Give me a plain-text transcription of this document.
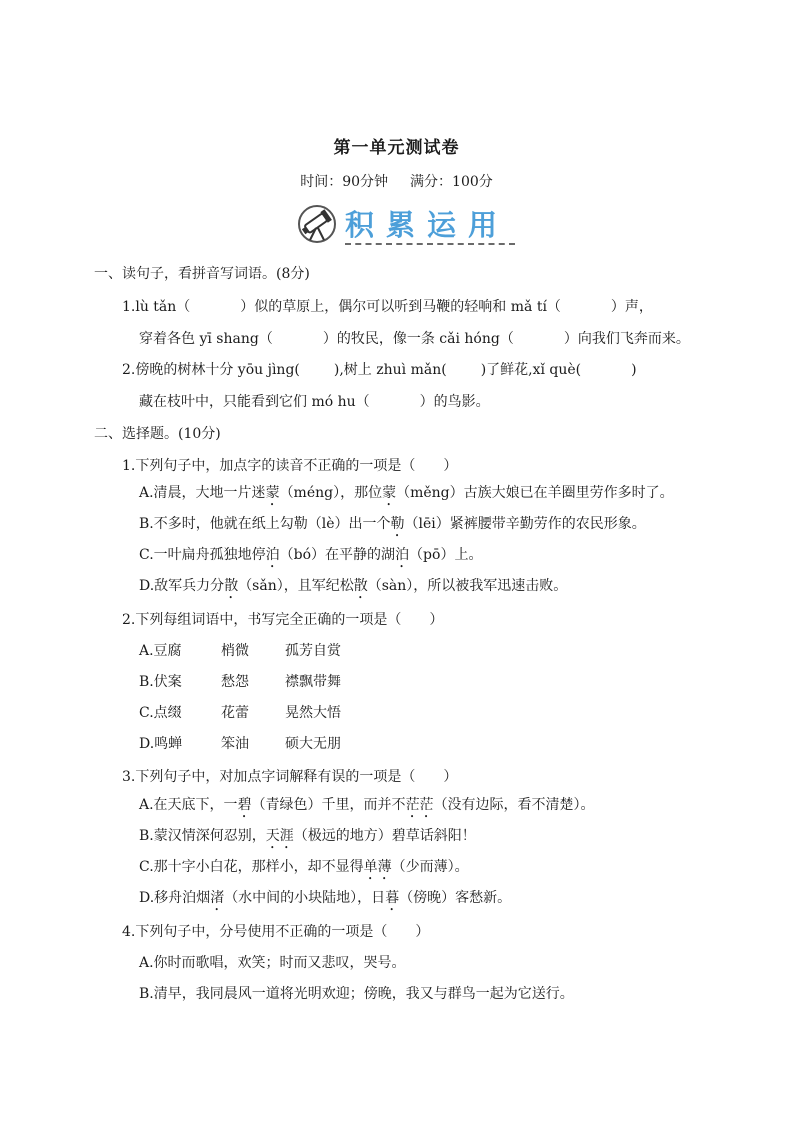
第一单元测试卷
时间：90分钟 满分：100分
积累运用
一、读句子，看拼音写词语。(8分)
1.lù tǎn（	）似的草原上，偶尔可以听到马鞭的轻响和 mǎ tí（	）声，
穿着各色 yī shang（	）的牧民，像一条 cǎi hóng（	）向我们飞奔而来。
2.傍晚的树林十分 yōu jìng( ),树上 zhuì mǎn( )了鲜花,xǐ què(	)
藏在枝叶中，只能看到它们 mó hu（	）的鸟影。
二、选择题。(10分)
1.下列句子中，加点字的读音不正确的一项是（　　）
A.清晨，大地一片迷蒙（méng），那位蒙（měng）古族大娘已在羊圈里劳作多时了。
B.不多时，他就在纸上勾勒（lè）出一个勒（lēi）紧裤腰带辛勤劳作的农民形象。
C.一叶扁舟孤独地停泊（bó）在平静的湖泊（pō）上。
D.敌军兵力分散（sǎn），且军纪松散（sàn），所以被我军迅速击败。
2.下列每组词语中，书写完全正确的一项是（　　）
A.豆腐	梢微	孤芳自赏
B.伏案	愁怨	襟飘带舞
C.点缀	花蕾	晃然大悟
D.鸣蝉	笨油	硕大无朋
3.下列句子中，对加点字词解释有误的一项是（　　）
A.在天底下，一碧（青绿色）千里，而并不茫茫（没有边际，看不清楚）。
B.蒙汉情深何忍别，天涯（极远的地方）碧草话斜阳！
C.那十字小白花，那样小，却不显得单薄（少而薄）。
D.移舟泊烟渚（水中间的小块陆地），日暮（傍晚）客愁新。
4.下列句子中，分号使用不正确的一项是（　　）
A.你时而歌唱，欢笑；时而又悲叹，哭号。
B.清早，我同晨风一道将光明欢迎；傍晚，我又与群鸟一起为它送行。
